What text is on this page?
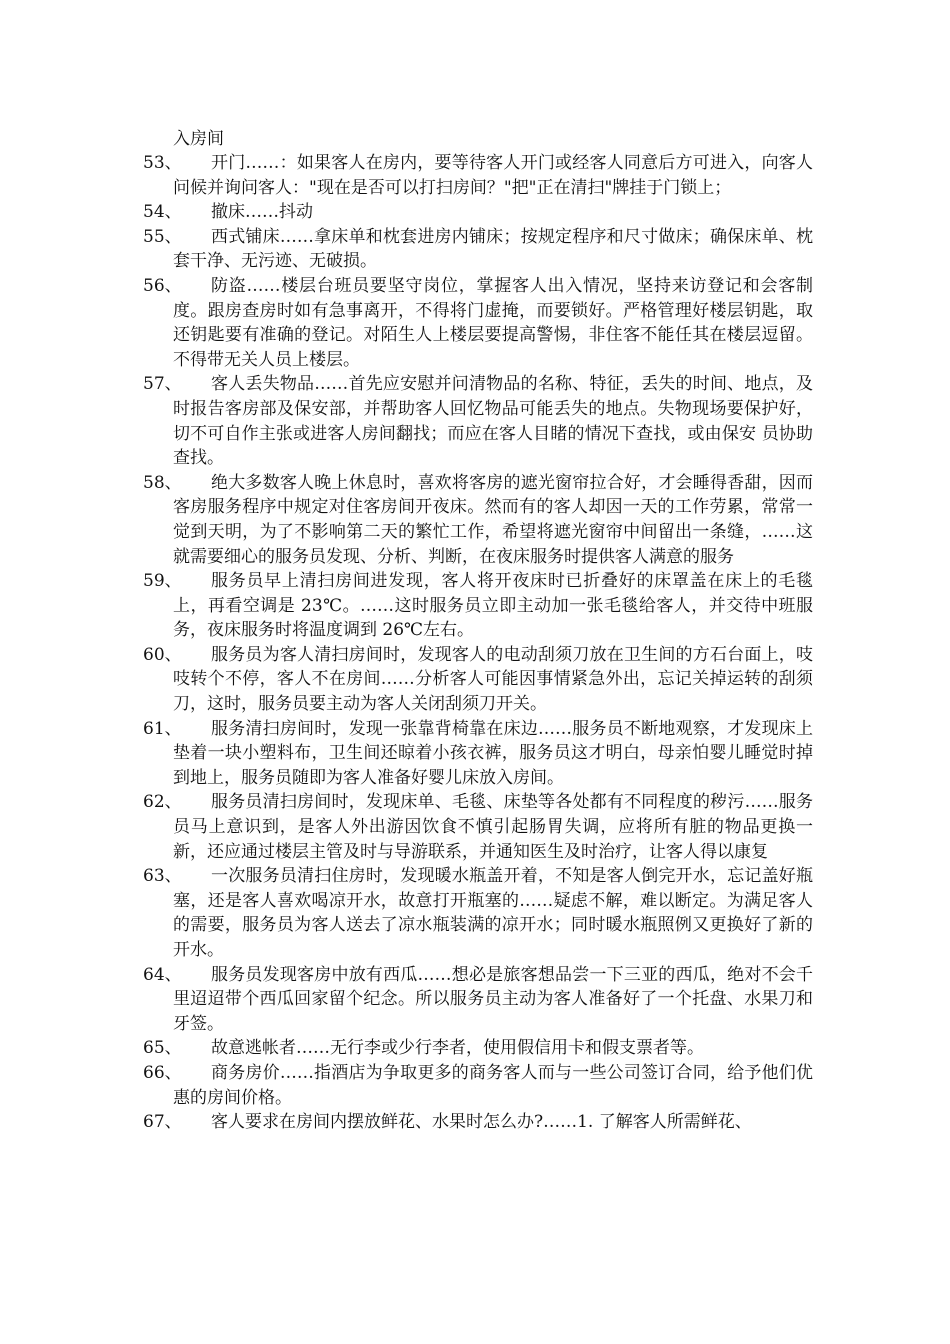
入房间
53、	开门……：如果客人在房内，要等待客人开门或经客人同意后方可进入，向客人问候并询问客人："现在是否可以打扫房间？"把"正在清扫"牌挂于门锁上；
54、	撤床……抖动
55、	西式铺床……拿床单和枕套进房内铺床；按规定程序和尺寸做床；确保床单、枕套干净、无污迹、无破损。
56、	防盗……楼层台班员要坚守岗位，掌握客人出入情况，坚持来访登记和会客制度。跟房查房时如有急事离开，不得将门虚掩，而要锁好。严格管理好楼层钥匙，取还钥匙要有准确的登记。对陌生人上楼层要提高警惕，非住客不能任其在楼层逗留。不得带无关人员上楼层。
57、	客人丢失物品……首先应安慰并问清物品的名称、特征，丢失的时间、地点，及时报告客房部及保安部，并帮助客人回忆物品可能丢失的地点。失物现场要保护好，切不可自作主张或进客人房间翻找；而应在客人目睹的情况下查找，或由保安 员协助查找。
58、	绝大多数客人晚上休息时，喜欢将客房的遮光窗帘拉合好，才会睡得香甜，因而客房服务程序中规定对住客房间开夜床。然而有的客人却因一天的工作劳累，常常一觉到天明，为了不影响第二天的繁忙工作，希望将遮光窗帘中间留出一条缝，……这就需要细心的服务员发现、分析、判断，在夜床服务时提供客人满意的服务
59、	服务员早上清扫房间进发现，客人将开夜床时已折叠好的床罩盖在床上的毛毯上，再看空调是 23℃。……这时服务员立即主动加一张毛毯给客人，并交待中班服务，夜床服务时将温度调到 26℃左右。
60、	服务员为客人清扫房间时，发现客人的电动刮须刀放在卫生间的方石台面上，吱吱转个不停，客人不在房间……分析客人可能因事情紧急外出，忘记关掉运转的刮须刀，这时，服务员要主动为客人关闭刮须刀开关。
61、	服务清扫房间时，发现一张靠背椅靠在床边……服务员不断地观察，才发现床上垫着一块小塑料布，卫生间还晾着小孩衣裤，服务员这才明白，母亲怕婴儿睡觉时掉到地上，服务员随即为客人准备好婴儿床放入房间。
62、	服务员清扫房间时，发现床单、毛毯、床垫等各处都有不同程度的秽污……服务员马上意识到，是客人外出游因饮食不慎引起肠胃失调，应将所有脏的物品更换一新，还应通过楼层主管及时与导游联系，并通知医生及时治疗，让客人得以康复
63、	一次服务员清扫住房时，发现暖水瓶盖开着，不知是客人倒完开水，忘记盖好瓶塞，还是客人喜欢喝凉开水，故意打开瓶塞的……疑虑不解，难以断定。为满足客人的需要，服务员为客人送去了凉水瓶装满的凉开水；同时暖水瓶照例又更换好了新的开水。
64、	服务员发现客房中放有西瓜……想必是旅客想品尝一下三亚的西瓜，绝对不会千里迢迢带个西瓜回家留个纪念。所以服务员主动为客人准备好了一个托盘、水果刀和牙签。
65、	故意逃帐者……无行李或少行李者，使用假信用卡和假支票者等。
66、	商务房价……指酒店为争取更多的商务客人而与一些公司签订合同，给予他们优惠的房间价格。
67、	客人要求在房间内摆放鲜花、水果时怎么办?……1. 了解客人所需鲜花、
